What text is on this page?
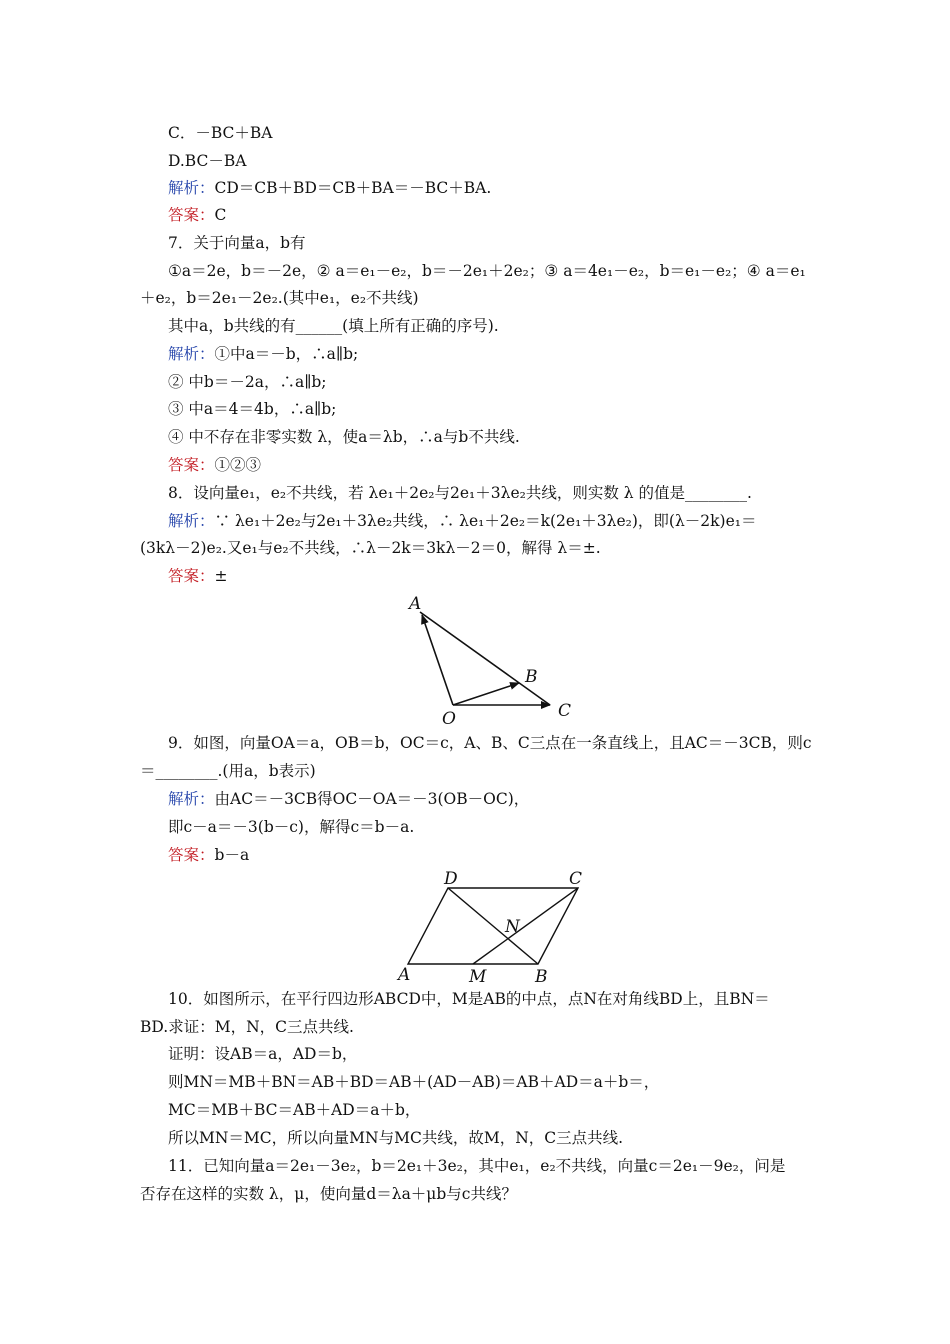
C．－BC＋BA
D.BC－BA
解析：CD＝CB＋BD＝CB＋BA＝－BC＋BA.
答案：C
7．关于向量a，b有
①a＝2e，b＝－2e，② a＝e₁－e₂，b＝－2e₁＋2e₂；③ a＝4e₁－e₂，b＝e₁－e₂；④ a＝e₁
＋e₂，b＝2e₁－2e₂.(其中e₁，e₂不共线)
其中a，b共线的有______(填上所有正确的序号).
解析：①中a＝－b，∴a∥b;
② 中b＝－2a，∴a∥b;
③ 中a＝4＝4b，∴a∥b;
④ 中不存在非零实数 λ，使a＝λb，∴a与b不共线.
答案：①②③
8．设向量e₁，e₂不共线，若 λe₁＋2e₂与2e₁＋3λe₂共线，则实数 λ 的值是________.
解析：∵ λe₁＋2e₂与2e₁＋3λe₂共线，∴ λe₁＋2e₂＝k(2e₁＋3λe₂)，即(λ－2k)e₁＝
(3kλ－2)e₂.又e₁与e₂不共线，∴λ－2k＝3kλ－2＝0，解得 λ＝±.
答案：±
A
B
O	C
9．如图，向量OA＝a，OB＝b，OC＝c，A、B、C三点在一条直线上，且AC＝－3CB，则c
＝________.(用a，b表示)
解析：由AC＝－3CB得OC－OA＝－3(OB－OC)，
即c－a＝－3(b－c)，解得c＝b－a.
答案：b－a
D	C
N
A	M	B
10．如图所示，在平行四边形ABCD中，M是AB的中点，点N在对角线BD上，且BN＝
BD.求证：M，N，C三点共线.
证明：设AB＝a，AD＝b，
则MN＝MB＋BN＝AB＋BD＝AB＋(AD－AB)＝AB＋AD＝a＋b＝，
MC＝MB＋BC＝AB＋AD＝a＋b，
所以MN＝MC，所以向量MN与MC共线，故M，N，C三点共线.
11．已知向量a＝2e₁－3e₂，b＝2e₁＋3e₂，其中e₁，e₂不共线，向量c＝2e₁－9e₂，问是
否存在这样的实数 λ，μ，使向量d＝λa＋μb与c共线？
